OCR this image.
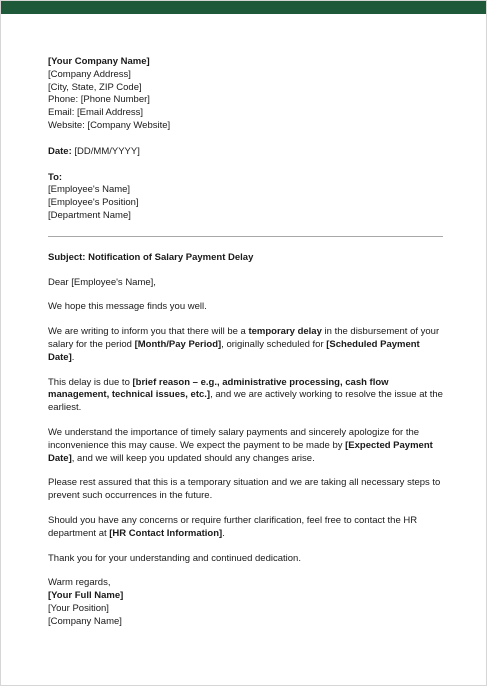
[Your Company Name]
[Company Address]
[City, State, ZIP Code]
Phone: [Phone Number]
Email: [Email Address]
Website: [Company Website]
Date: [DD/MM/YYYY]
To:
[Employee's Name]
[Employee's Position]
[Department Name]

Subject: Notification of Salary Payment Delay

Dear [Employee's Name],

We hope this message finds you well.

We are writing to inform you that there will be a temporary delay in the disbursement of your salary for the period [Month/Pay Period], originally scheduled for [Scheduled Payment Date].

This delay is due to [brief reason – e.g., administrative processing, cash flow management, technical issues, etc.], and we are actively working to resolve the issue at the earliest.

We understand the importance of timely salary payments and sincerely apologize for the inconvenience this may cause. We expect the payment to be made by [Expected Payment Date], and we will keep you updated should any changes arise.

Please rest assured that this is a temporary situation and we are taking all necessary steps to prevent such occurrences in the future.

Should you have any concerns or require further clarification, feel free to contact the HR department at [HR Contact Information].

Thank you for your understanding and continued dedication.

Warm regards,
[Your Full Name]
[Your Position]
[Company Name]
